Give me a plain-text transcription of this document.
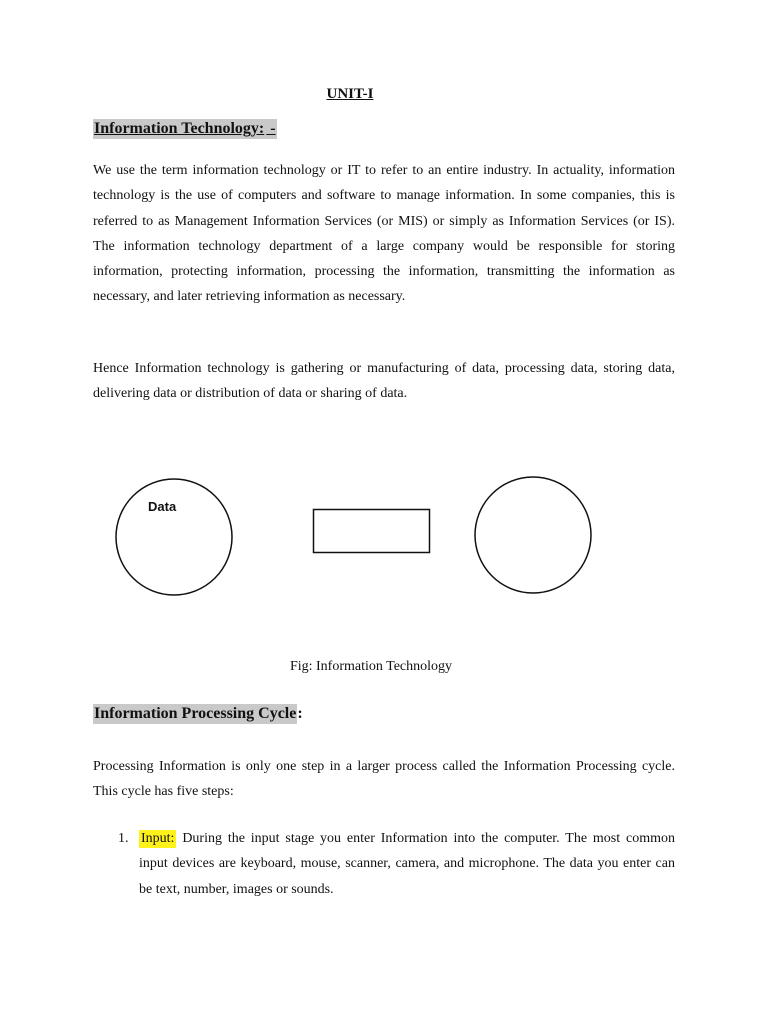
UNIT-I
Information Technology: -

We use the term information technology or IT to refer to an entire industry. In actuality, information technology is the use of computers and software to manage information. In some companies, this is referred to as Management Information Services (or MIS) or simply as Information Services (or IS). The information technology department of a large company would be responsible for storing information, protecting information, processing the information, transmitting the information as necessary, and later retrieving information as necessary.

Hence Information technology is gathering or manufacturing of data, processing data, storing data, delivering data or distribution of data or sharing of data.

Data
Fig: Information Technology
Information Processing Cycle:

Processing Information is only one step in a larger process called the Information Processing cycle. This cycle has five steps:

1. Input: During the input stage you enter Information into the computer. The most common input devices are keyboard, mouse, scanner, camera, and microphone. The data you enter can be text, number, images or sounds.
